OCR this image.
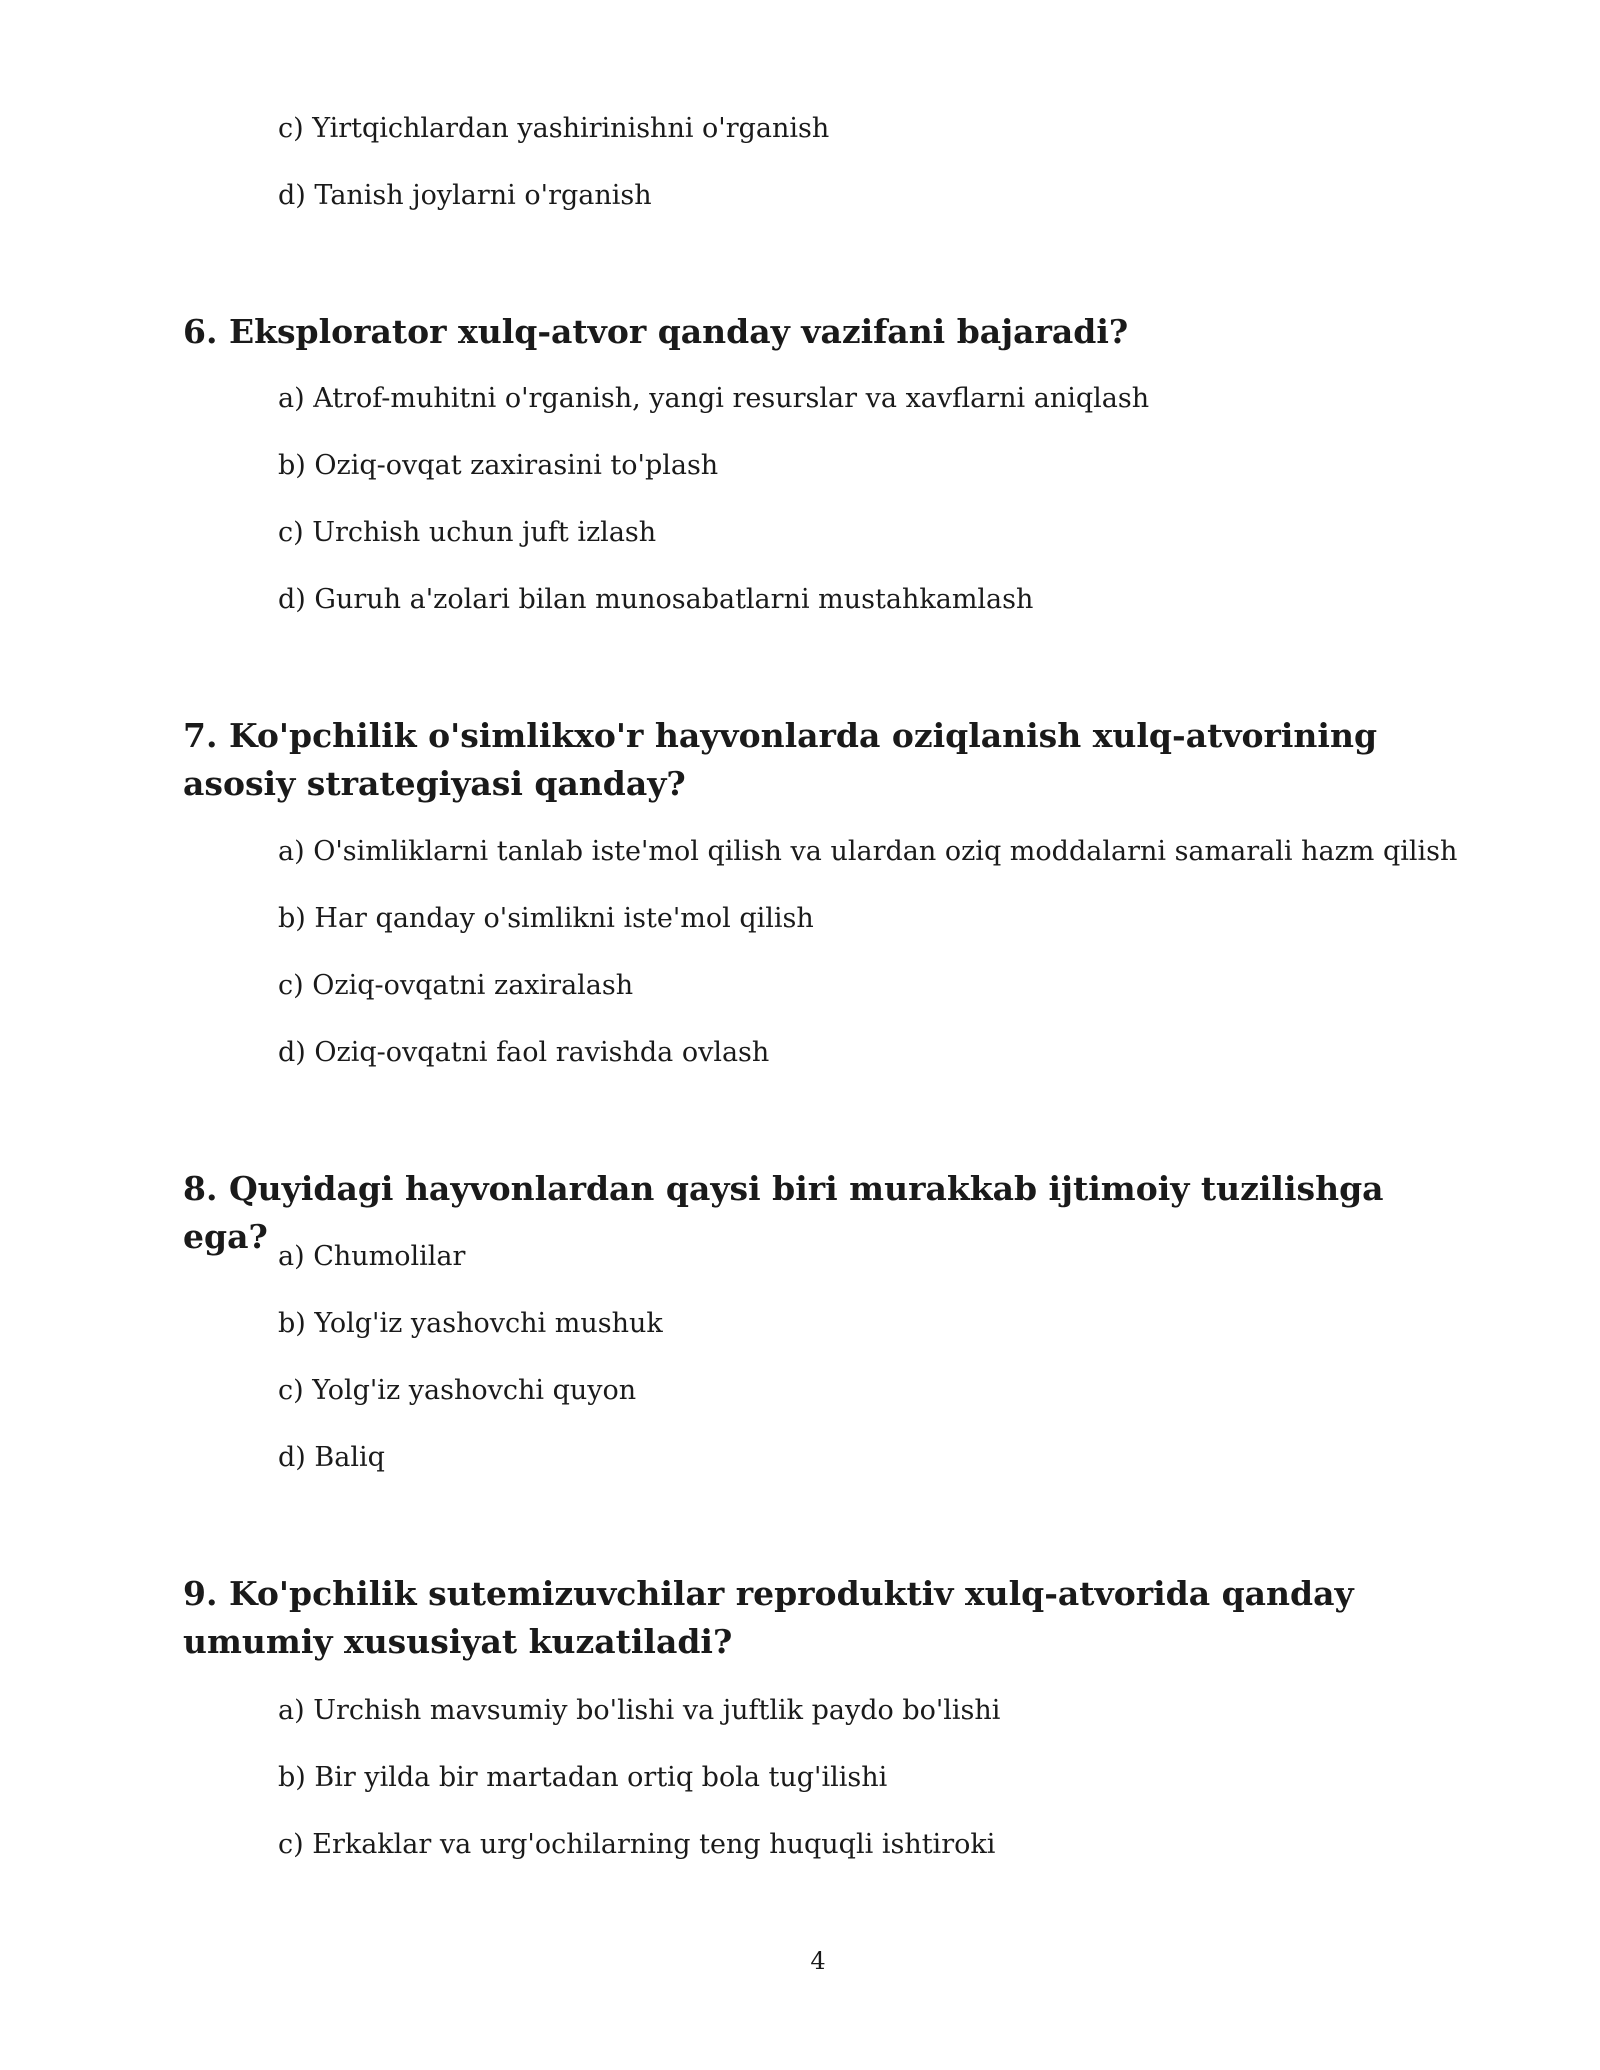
c) Yirtqichlardan yashirinishni o'rganish
d) Tanish joylarni o'rganish
6. Eksplorator xulq-atvor qanday vazifani bajaradi?
a) Atrof-muhitni o'rganish, yangi resurslar va xavflarni aniqlash
b) Oziq-ovqat zaxirasini to'plash
c) Urchish uchun juft izlash
d) Guruh a'zolari bilan munosabatlarni mustahkamlash
7. Ko'pchilik o'simlikxo'r hayvonlarda oziqlanish xulq-atvorining asosiy strategiyasi qanday?
a) O'simliklarni tanlab iste'mol qilish va ulardan oziq moddalarni samarali hazm qilish
b) Har qanday o'simlikni iste'mol qilish
c) Oziq-ovqatni zaxiralash
d) Oziq-ovqatni faol ravishda ovlash
8. Quyidagi hayvonlardan qaysi biri murakkab ijtimoiy tuzilishga ega?
a) Chumolilar
b) Yolg'iz yashovchi mushuk
c) Yolg'iz yashovchi quyon
d) Baliq
9. Ko'pchilik sutemizuvchilar reproduktiv xulq-atvorida qanday umumiy xususiyat kuzatiladi?
a) Urchish mavsumiy bo'lishi va juftlik paydo bo'lishi
b) Bir yilda bir martadan ortiq bola tug'ilishi
c) Erkaklar va urg'ochilarning teng huquqli ishtiroki
4
